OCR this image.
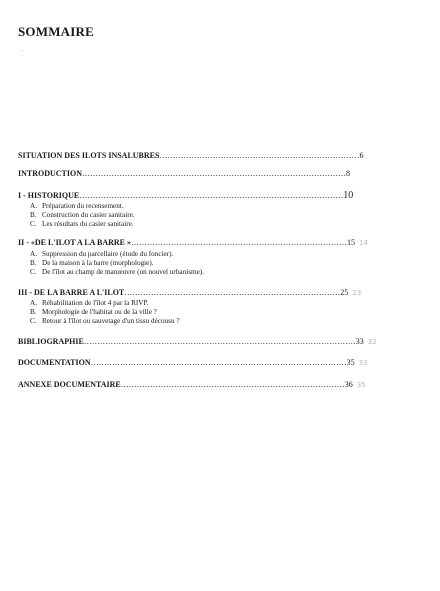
SOMMAIRE
SITUATION DES ILOTS INSALUBRES…………………………………………………………………6
INTRODUCTION………………………………………………………………………………………8
I - HISTORIQUE………………………………………………………………………………………10
A. Préparation du recensement.
B. Construction du casier sanitaire.
C. Les résultats du casier sanitaire.
II - «DE L'ILOT A LA BARRE »………………………………………………………………………15 14
A. Suppression du parcellaire (étude du foncier).
B. De la maison à la barre (morphologie).
C. De l'îlot au champ de manœuvre (un nouvel urbanisme).
III - DE LA BARRE A L'ILOT………………………………………………………………………25 23
A. Réhabilitation de l'îlot 4 par la RIVP.
B. Morphologie de l'habitat ou de la ville ?
C. Retour à l'îlot ou sauvetage d'un tissu décousu ?
BIBLIOGRAPHIE…………………………………………………………………………………………33 32
DOCUMENTATION……………………………………………………………………………………35 33
ANNEXE DOCUMENTAIRE…………………………………………………………………………36 35
